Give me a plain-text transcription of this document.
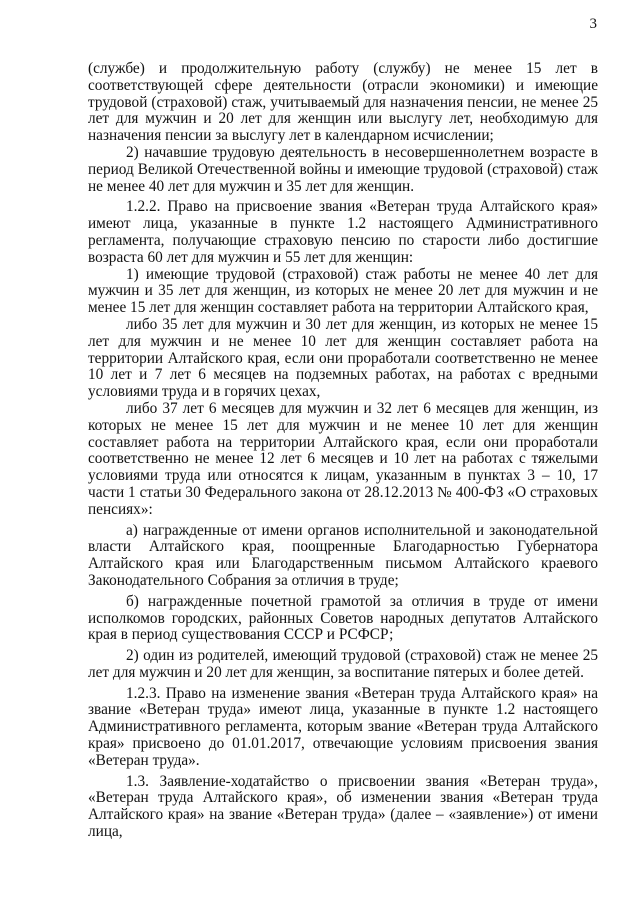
3

(службе) и продолжительную работу (службу) не менее 15 лет в соответствующей сфере деятельности (отрасли экономики) и имеющие трудовой (страховой) стаж, учитываемый для назначения пенсии, не менее 25 лет для мужчин и 20 лет для женщин или выслугу лет, необходимую для назначения пенсии за выслугу лет в календарном исчислении;

2) начавшие трудовую деятельность в несовершеннолетнем возрасте в период Великой Отечественной войны и имеющие трудовой (страховой) стаж не менее 40 лет для мужчин и 35 лет для женщин.

1.2.2. Право на присвоение звания «Ветеран труда Алтайского края» имеют лица, указанные в пункте 1.2 настоящего Административного регламента, получающие страховую пенсию по старости либо достигшие возраста 60 лет для мужчин и 55 лет для женщин:

1) имеющие трудовой (страховой) стаж работы не менее 40 лет для мужчин и 35 лет для женщин, из которых не менее 20 лет для мужчин и не менее 15 лет для женщин составляет работа на территории Алтайского края,

либо 35 лет для мужчин и 30 лет для женщин, из которых не менее 15 лет для мужчин и не менее 10 лет для женщин составляет работа на территории Алтайского края, если они проработали соответственно не менее 10 лет и 7 лет 6 месяцев на подземных работах, на работах с вредными условиями труда и в горячих цехах,

либо 37 лет 6 месяцев для мужчин и 32 лет 6 месяцев для женщин, из которых не менее 15 лет для мужчин и не менее 10 лет для женщин составляет работа на территории Алтайского края, если они проработали соответственно не менее 12 лет 6 месяцев и 10 лет на работах с тяжелыми условиями труда или относятся к лицам, указанным в пунктах 3 – 10, 17 части 1 статьи 30 Федерального закона от 28.12.2013 № 400-ФЗ «О страховых пенсиях»:

а) награжденные от имени органов исполнительной и законодательной власти Алтайского края, поощренные Благодарностью Губернатора Алтайского края или Благодарственным письмом Алтайского краевого Законодательного Собрания за отличия в труде;

б) награжденные почетной грамотой за отличия в труде от имени исполкомов городских, районных Советов народных депутатов Алтайского края в период существования СССР и РСФСР;

2) один из родителей, имеющий трудовой (страховой) стаж не менее 25 лет для мужчин и 20 лет для женщин, за воспитание пятерых и более детей.

1.2.3. Право на изменение звания «Ветеран труда Алтайского края» на звание «Ветеран труда» имеют лица, указанные в пункте 1.2 настоящего Административного регламента, которым звание «Ветеран труда Алтайского края» присвоено до 01.01.2017, отвечающие условиям присвоения звания «Ветеран труда».

1.3. Заявление-ходатайство о присвоении звания «Ветеран труда», «Ветеран труда Алтайского края», об изменении звания «Ветеран труда Алтайского края» на звание «Ветеран труда» (далее – «заявление») от имени лица,
